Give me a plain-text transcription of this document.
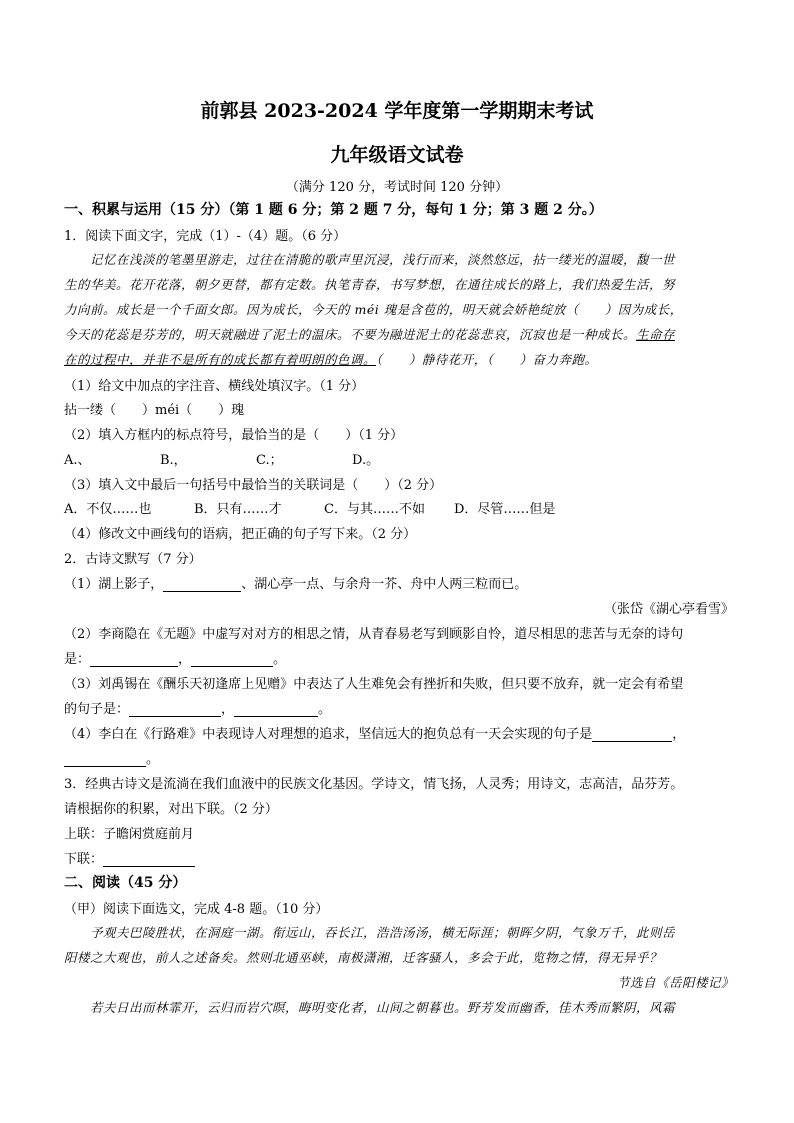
前郭县 2023-2024 学年度第一学期期末考试
九年级语文试卷
（满分 120 分，考试时间 120 分钟）
一、积累与运用（15 分）（第 1 题 6 分；第 2 题 7 分，每句 1 分；第 3 题 2 分。）
1．阅读下面文字，完成（1）-（4）题。（6 分）
记忆在浅淡的笔墨里游走，过往在清脆的歌声里沉浸，浅行而来，淡然悠远，拈一缕光的温暖，馥一世
生的华美。花开花落，朝夕更替，都有定数。执笔青春，书写梦想，在通往成长的路上，我们热爱生活，努
力向前。成长是一个千面女郎。因为成长，今天的 méi 瑰是含苞的，明天就会娇艳绽放（　　）因为成长，
今天的花蕊是芬芳的，明天就融进了泥土的温床。不要为融进泥土的花蕊悲哀，沉寂也是一种成长。生命存
在的过程中，并非不是所有的成长都有着明朗的色调。（　　）静待花开，（　　）奋力奔跑。
（1）给文中加点的字注音、横线处填汉字。（1 分）
拈一缕（　　）méi（　　）瑰
（2）填入方框内的标点符号，最恰当的是（　　）（1 分）
A.、	B.，	C.；	D.。
（3）填入文中最后一句括号中最恰当的关联词是（　　）（2 分）
A．不仅……也	B．只有……才	C．与其……不如 D．尽管……但是
（4）修改文中画线句的语病，把正确的句子写下来。（2 分）
2．古诗文默写（7 分）
（1）湖上影子，	、湖心亭一点、与余舟一芥、舟中人两三粒而已。
（张岱《湖心亭看雪》
（2）李商隐在《无题》中虚写对对方的相思之情，从青春易老写到顾影自怜，道尽相思的悲苦与无奈的诗句
是：	，	。
（3）刘禹锡在《酬乐天初逢席上见赠》中表达了人生难免会有挫折和失败，但只要不放弃，就一定会有希望
的句子是：	，	。
（4）李白在《行路难》中表现诗人对理想的追求，坚信远大的抱负总有一天会实现的句子是	，
。
3．经典古诗文是流淌在我们血液中的民族文化基因。学诗文，情飞扬，人灵秀；用诗文，志高洁，品芬芳。
请根据你的积累，对出下联。（2 分）
上联：子瞻闲赏庭前月
下联：
二、阅读（45 分）
（甲）阅读下面选文，完成 4-8 题。（10 分）
予观夫巴陵胜状，在洞庭一湖。衔远山，吞长江，浩浩汤汤，横无际涯；朝晖夕阴，气象万千，此则岳
阳楼之大观也，前人之述备矣。然则北通巫峡，南极潇湘，迁客骚人，多会于此，览物之情，得无异乎？
节选自《岳阳楼记》
若夫日出而林霏开，云归而岩穴暝，晦明变化者，山间之朝暮也。野芳发而幽香，佳木秀而繁阴，风霜
